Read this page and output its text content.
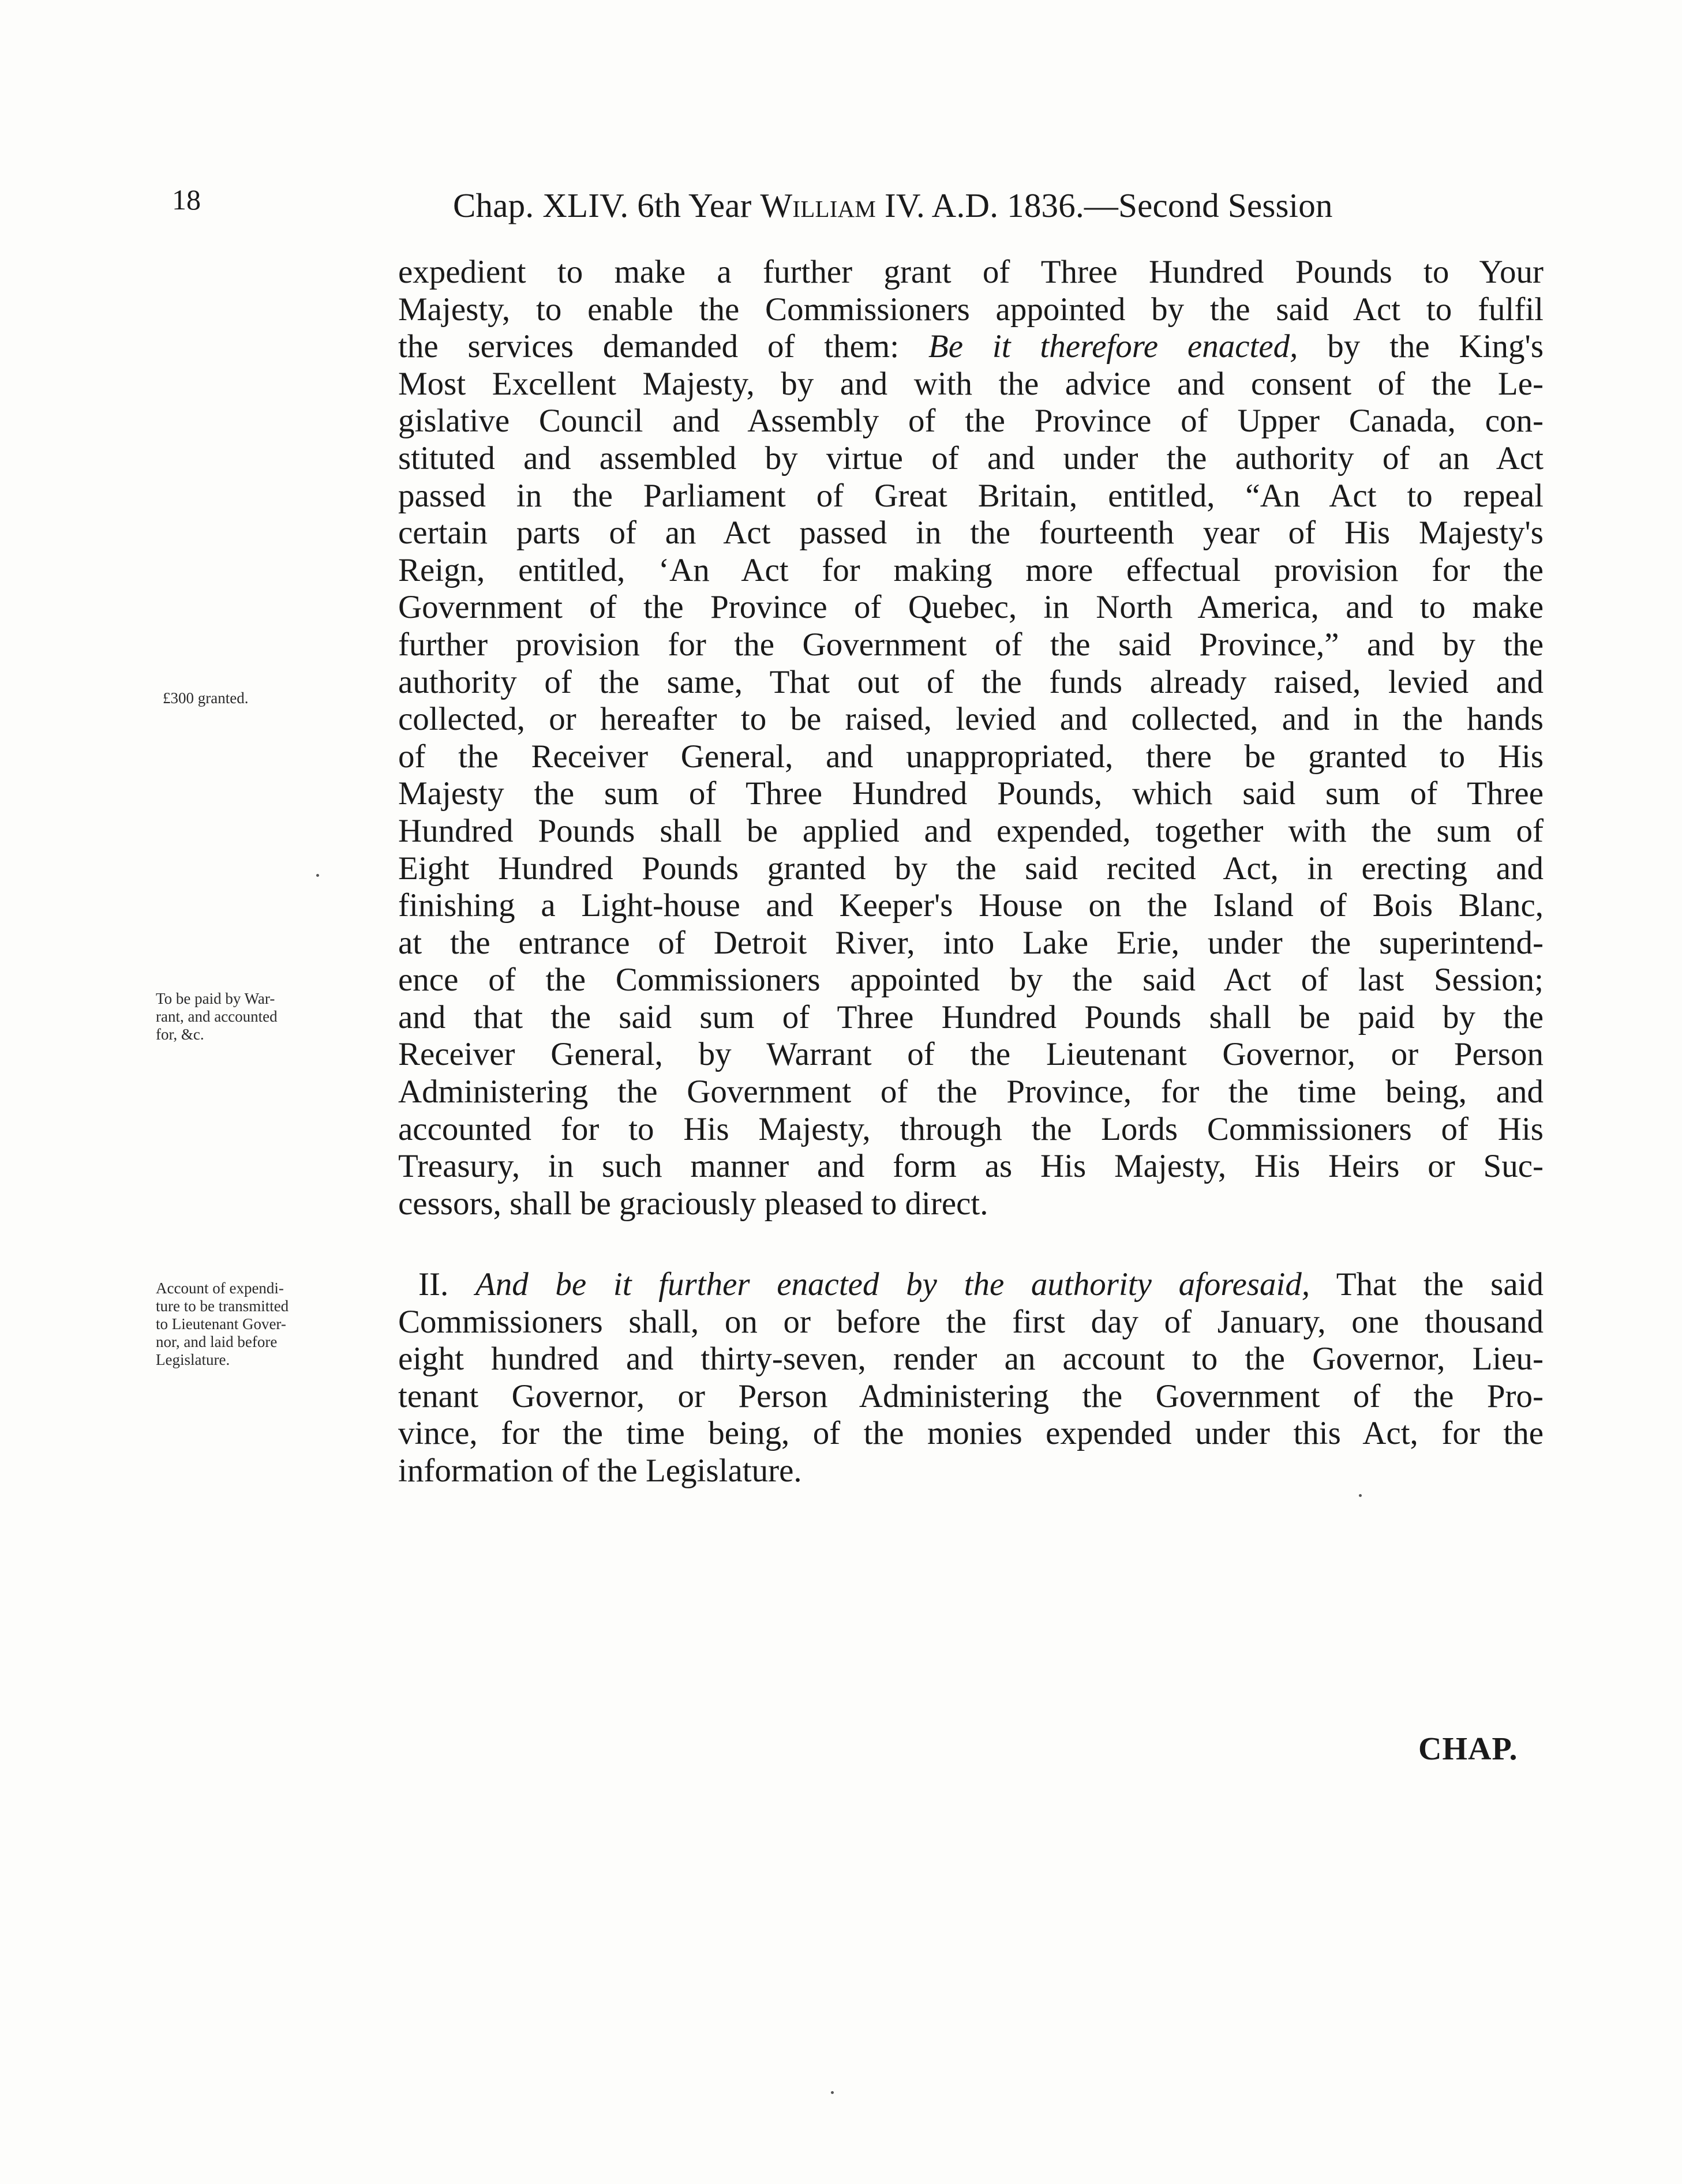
18	Chap. XLIV. 6th Year William IV. A.D. 1836.—Second Session
expedient to make a further grant of Three Hundred Pounds to Your
Majesty, to enable the Commissioners appointed by the said Act to fulfil
the services demanded of them: Be it therefore enacted, by the King's
Most Excellent Majesty, by and with the advice and consent of the Le-
gislative Council and Assembly of the Province of Upper Canada, con-
stituted and assembled by virtue of and under the authority of an Act
passed in the Parliament of Great Britain, entitled, “An Act to repeal
certain parts of an Act passed in the fourteenth year of His Majesty's
Reign, entitled, ‘An Act for making more effectual provision for the
Government of the Province of Quebec, in North America, and to make
further provision for the Government of the said Province,” and by the
authority of the same, That out of the funds already raised, levied and
collected, or hereafter to be raised, levied and collected, and in the hands
of the Receiver General, and unappropriated, there be granted to His
Majesty the sum of Three Hundred Pounds, which said sum of Three
Hundred Pounds shall be applied and expended, together with the sum of
Eight Hundred Pounds granted by the said recited Act, in erecting and
finishing a Light-house and Keeper's House on the Island of Bois Blanc,
at the entrance of Detroit River, into Lake Erie, under the superintend-
ence of the Commissioners appointed by the said Act of last Session;
and that the said sum of Three Hundred Pounds shall be paid by the
Receiver General, by Warrant of the Lieutenant Governor, or Person
Administering the Government of the Province, for the time being, and
accounted for to His Majesty, through the Lords Commissioners of His
Treasury, in such manner and form as His Majesty, His Heirs or Suc-
cessors, shall be graciously pleased to direct.
II. And be it further enacted by the authority aforesaid, That the said
Commissioners shall, on or before the first day of January, one thousand
eight hundred and thirty-seven, render an account to the Governor, Lieu-
tenant Governor, or Person Administering the Government of the Pro-
vince, for the time being, of the monies expended under this Act, for the
information of the Legislature.
£300 granted.
To be paid by War-
rant, and accounted
for, &c.
Account of expendi-
ture to be transmitted
to Lieutenant Gover-
nor, and laid before
Legislature.
CHAP.
